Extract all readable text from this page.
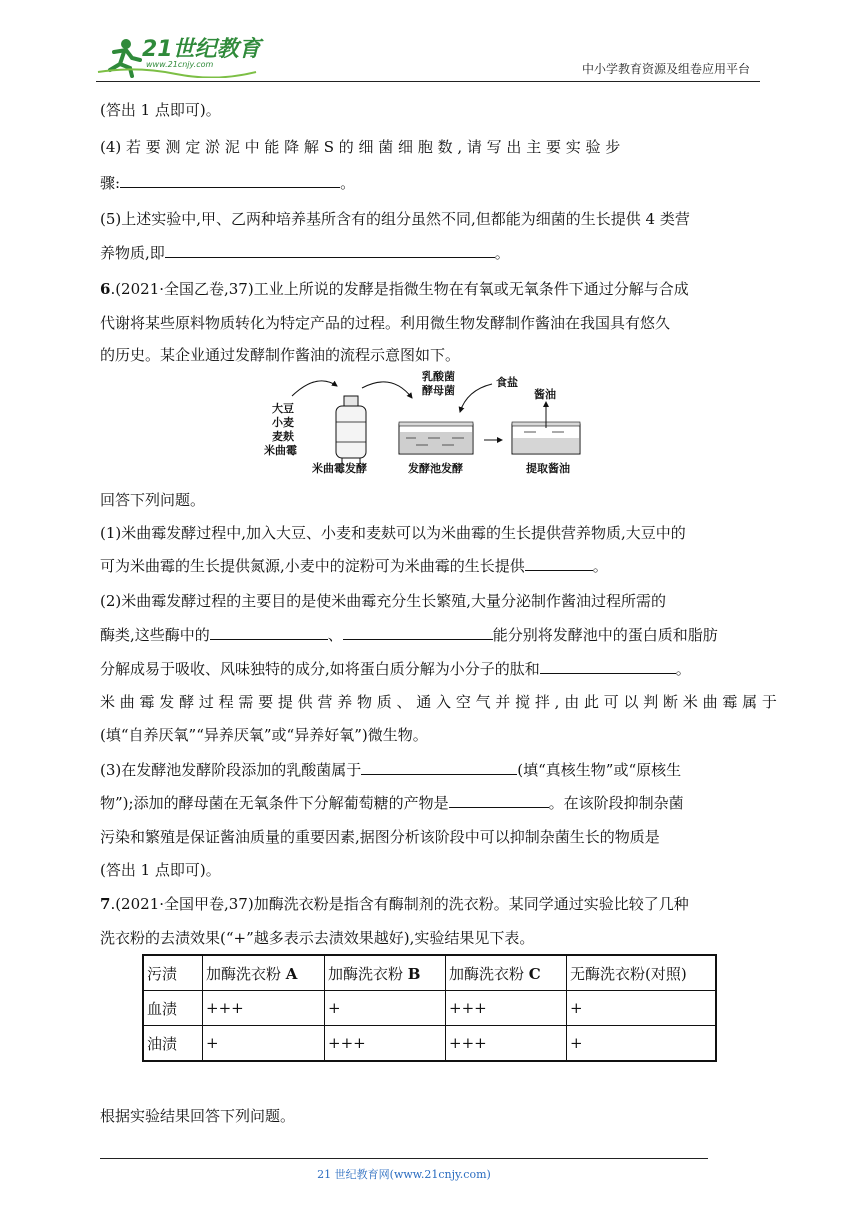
21世纪教育
www.21cnjy.com	中小学教育资源及组卷应用平台
(答出 1 点即可)。
(4) 若 要 测 定 淤 泥 中 能 降 解 S 的 细 菌 细 胞 数 , 请 写 出 主 要 实 验 步
骤:	。
(5)上述实验中,甲、乙两种培养基所含有的组分虽然不同,但都能为细菌的生长提供 4 类营
养物质,即	。
6.(2021·全国乙卷,37)工业上所说的发酵是指微生物在有氧或无氧条件下通过分解与合成
代谢将某些原料物质转化为特定产品的过程。利用微生物发酵制作酱油在我国具有悠久
的历史。某企业通过发酵制作酱油的流程示意图如下。
回答下列问题。
(1)米曲霉发酵过程中,加入大豆、小麦和麦麸可以为米曲霉的生长提供营养物质,大豆中的
可为米曲霉的生长提供氮源,小麦中的淀粉可为米曲霉的生长提供	。
(2)米曲霉发酵过程的主要目的是使米曲霉充分生长繁殖,大量分泌制作酱油过程所需的
酶类,这些酶中的	、	能分别将发酵池中的蛋白质和脂肪
分解成易于吸收、风味独特的成分,如将蛋白质分解为小分子的肽和	。
米 曲 霉 发 酵 过 程 需 要 提 供 营 养 物 质 、 通 入 空 气 并 搅 拌 , 由 此 可 以 判 断 米 曲 霉 属 于
(填“自养厌氧”“异养厌氧”或“异养好氧”)微生物。
(3)在发酵池发酵阶段添加的乳酸菌属于	(填“真核生物”或“原核生
物”);添加的酵母菌在无氧条件下分解葡萄糖的产物是	。在该阶段抑制杂菌
污染和繁殖是保证酱油质量的重要因素,据图分析该阶段中可以抑制杂菌生长的物质是
(答出 1 点即可)。
7.(2021·全国甲卷,37)加酶洗衣粉是指含有酶制剂的洗衣粉。某同学通过实验比较了几种
洗衣粉的去渍效果(“+”越多表示去渍效果越好),实验结果见下表。
根据实验结果回答下列问题。
大豆
小麦
麦麸
米曲霉
乳酸菌
酵母菌
食盐
酱油
米曲霉发酵	发酵池发酵	提取酱油
污渍	加酶洗衣粉 A	加酶洗衣粉 B	加酶洗衣粉 C	无酶洗衣粉(对照)
血渍	+++	+	+++	+
油渍	+	+++	+++	+
21 世纪教育网(www.21cnjy.com)
